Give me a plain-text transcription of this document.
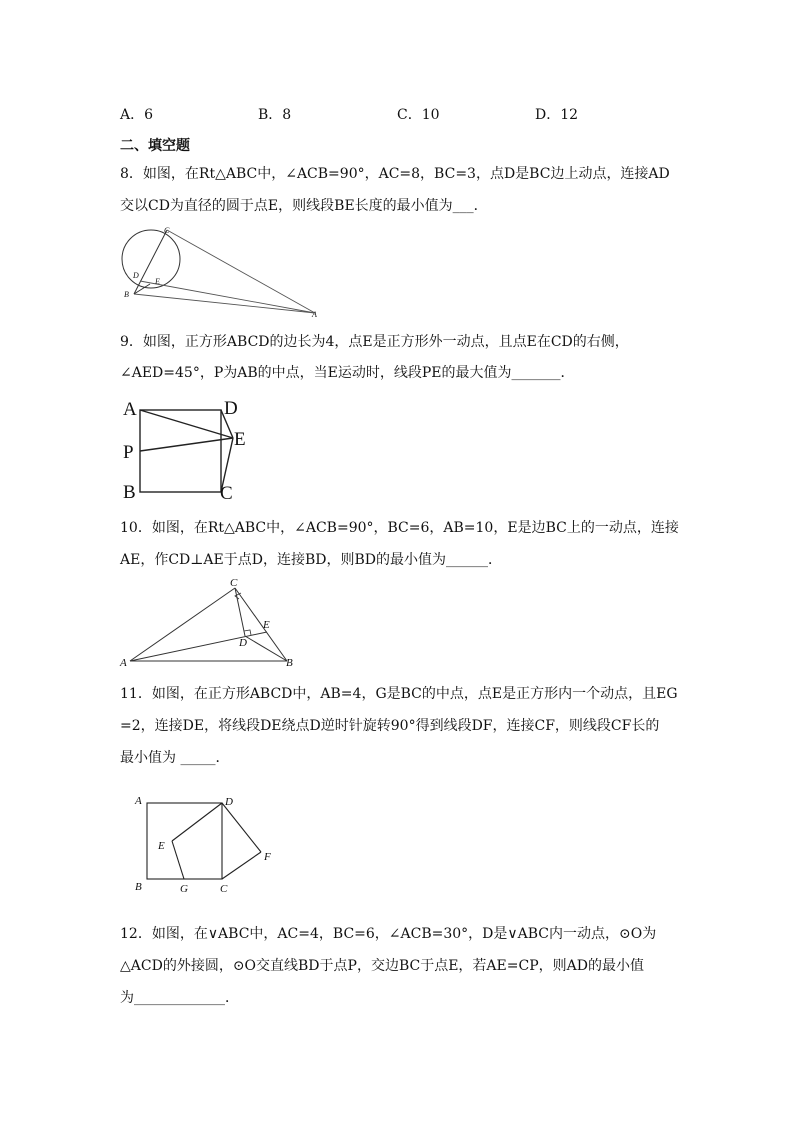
A．6	B．8	C．10	D．12
二、填空题
8．如图，在Rt△ABC中，∠ACB=90°，AC=8，BC=3，点D是BC边上动点，连接AD
交以CD为直径的圆于点E，则线段BE长度的最小值为___．
C
D
E
B
A
9．如图，正方形ABCD的边长为4，点E是正方形外一动点，且点E在CD的右侧，
∠AED=45°，P为AB的中点，当E运动时，线段PE的最大值为_______．
A	D
E
P
B	C
10．如图，在Rt△ABC中，∠ACB=90°，BC=6，AB=10，E是边BC上的一动点，连接
AE，作CD⊥AE于点D，连接BD，则BD的最小值为______．
C
E
D
A	B
11．如图，在正方形ABCD中，AB=4，G是BC的中点，点E是正方形内一个动点，且EG
=2，连接DE，将线段DE绕点D逆时针旋转90°得到线段DF，连接CF，则线段CF长的
最小值为 _____．
A	D
E
F
B	G	C
12．如图，在∨ABC中，AC=4，BC=6，∠ACB=30°，D是∨ABC内一动点，⊙O为
△ACD的外接圆，⊙O交直线BD于点P，交边BC于点E，若AE=CP，则AD的最小值
为_____________．
